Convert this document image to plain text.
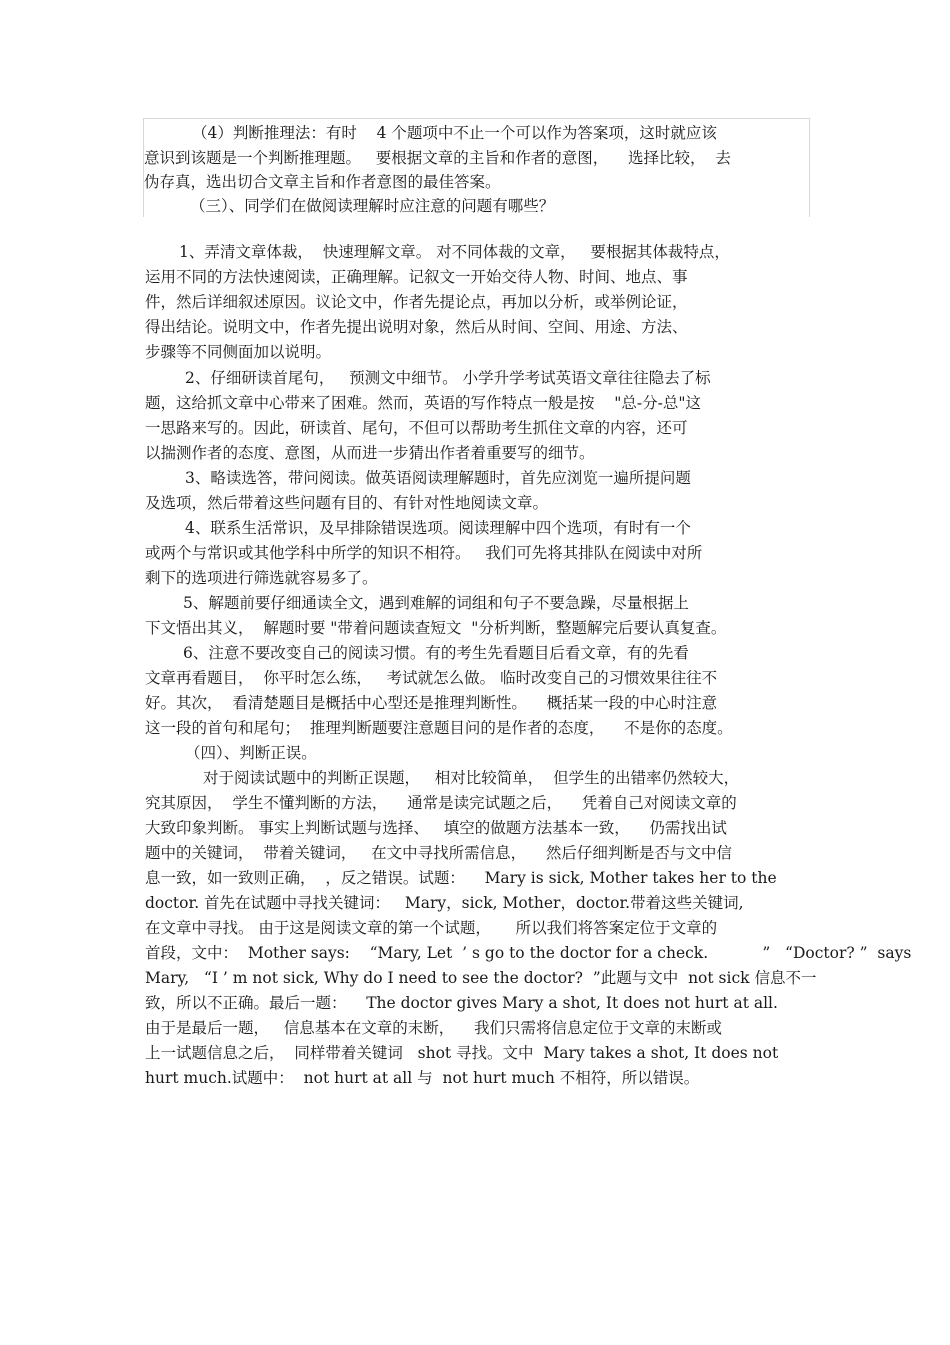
（4）判断推理法：有时    4 个题项中不止一个可以作为答案项，这时就应该
意识到该题是一个判断推理题。   要根据文章的主旨和作者的意图，    选择比较，  去
伪存真，选出切合文章主旨和作者意图的最佳答案。
（三）、同学们在做阅读理解时应注意的问题有哪些？
1、弄清文章体裁，  快速理解文章。 对不同体裁的文章，   要根据其体裁特点，
运用不同的方法快速阅读，正确理解。记叙文一开始交待人物、时间、地点、事
件，然后详细叙述原因。议论文中，作者先提论点，再加以分析，或举例论证，
得出结论。说明文中，作者先提出说明对象，然后从时间、空间、用途、方法、
步骤等不同侧面加以说明。
2、仔细研读首尾句，   预测文中细节。 小学升学考试英语文章往往隐去了标
题，这给抓文章中心带来了困难。然而，英语的写作特点一般是按    "总-分-总"这
一思路来写的。因此，研读首、尾句，不但可以帮助考生抓住文章的内容，还可
以揣测作者的态度、意图，从而进一步猜出作者着重要写的细节。
3、略读选答，带问阅读。做英语阅读理解题时，首先应浏览一遍所提问题
及选项，然后带着这些问题有目的、有针对性地阅读文章。
4、联系生活常识，及早排除错误选项。阅读理解中四个选项，有时有一个
或两个与常识或其他学科中所学的知识不相符。   我们可先将其排队在阅读中对所
剩下的选项进行筛选就容易多了。
5、解题前要仔细通读全文，遇到难解的词组和句子不要急躁，尽量根据上
下文悟出其义，  解题时要 "带着问题读查短文  "分析判断，整题解完后要认真复查。
6、注意不要改变自己的阅读习惯。有的考生先看题目后看文章，有的先看
文章再看题目，  你平时怎么练，   考试就怎么做。 临时改变自己的习惯效果往往不
好。其次，  看清楚题目是概括中心型还是推理判断性。    概括某一段的中心时注意
这一段的首句和尾句；  推理判断题要注意题目问的是作者的态度，    不是你的态度。
（四）、判断正误。
对于阅读试题中的判断正误题，   相对比较简单，  但学生的出错率仍然较大，
究其原因，  学生不懂判断的方法，    通常是读完试题之后，    凭着自己对阅读文章的
大致印象判断。 事实上判断试题与选择、   填空的做题方法基本一致，    仍需找出试
题中的关键词，  带着关键词，   在文中寻找所需信息，    然后仔细判断是否与文中信
息一致，如一致则正确，  ，反之错误。试题：    Mary is sick, Mother takes her to the
doctor. 首先在试题中寻找关键词：   Mary，sick, Mother，doctor.带着这些关键词,
在文章中寻找。 由于这是阅读文章的第一个试题，     所以我们将答案定位于文章的
首段，文中：  Mother says:    “Mary, Let  ’ s go to the doctor for a check.           ”   “Doctor? ”  says
Mary,   “I ’ m not sick, Why do I need to see the doctor?  ”此题与文中  not sick 信息不一
致，所以不正确。最后一题：    The doctor gives Mary a shot, It does not hurt at all.
由于是最后一题，   信息基本在文章的末断，    我们只需将信息定位于文章的末断或
上一试题信息之后，  同样带着关键词   shot 寻找。文中  Mary takes a shot, It does not
hurt much.试题中：  not hurt at all 与  not hurt much 不相符，所以错误。
